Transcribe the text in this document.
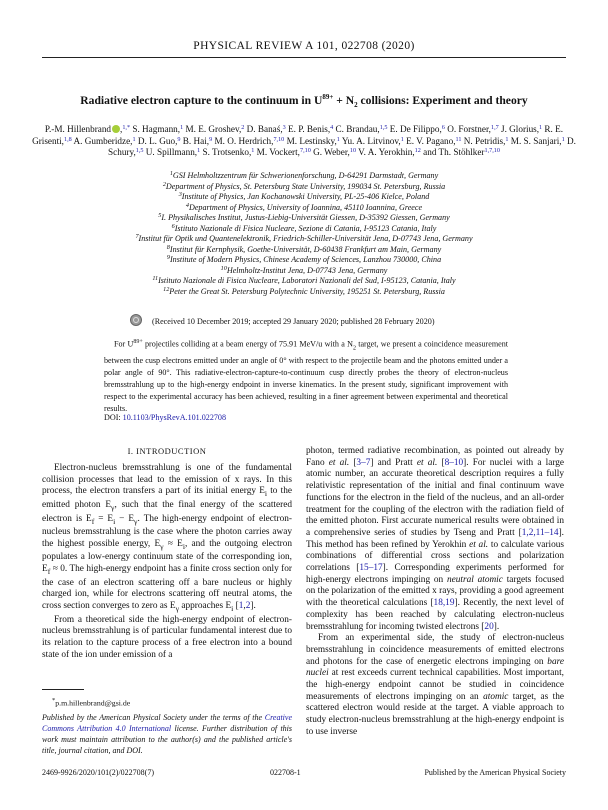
PHYSICAL REVIEW A 101, 022708 (2020)
Radiative electron capture to the continuum in $U^{89+} + N_2$ collisions: Experiment and theory
P.-M. Hillenbrand ,$^{1,*}$ S. Hagmann,$^1$ M. E. Groshev,$^2$ D. Banaś,$^3$ E. P. Benis,$^4$ C. Brandau,$^{1,5}$ E. De Filippo,$^6$ O. Forstner,$^{1,7}$ J. Glorius,$^1$ R. E. Grisenti,$^{1,8}$ A. Gumberidze,$^1$ D. L. Guo,$^9$ B. Hai,$^9$ M. O. Herdrich,$^{7,10}$ M. Lestinsky,$^1$ Yu. A. Litvinov,$^1$ E. V. Pagano,$^{11}$ N. Petridis,$^1$ M. S. Sanjari,$^1$ D. Schury,$^{1,5}$ U. Spillmann,$^1$ S. Trotsenko,$^1$ M. Vockert,$^{7,10}$ G. Weber,$^{10}$ V. A. Yerokhin,$^{12}$ and Th. Stöhlker$^{1,7,10}$
$^1$GSI Helmholtzzentrum für Schwerionenforschung, D-64291 Darmstadt, Germany
$^2$Department of Physics, St. Petersburg State University, 199034 St. Petersburg, Russia
$^3$Institute of Physics, Jan Kochanowski University, PL-25-406 Kielce, Poland
$^4$Department of Physics, University of Ioannina, 45110 Ioannina, Greece
$^5$I. Physikalisches Institut, Justus-Liebig-Universität Giessen, D-35392 Giessen, Germany
$^6$Istituto Nazionale di Fisica Nucleare, Sezione di Catania, I-95123 Catania, Italy
$^7$Institut für Optik und Quantenelektronik, Friedrich-Schiller-Universität Jena, D-07743 Jena, Germany
$^8$Institut für Kernphysik, Goethe-Universität, D-60438 Frankfurt am Main, Germany
$^9$Institute of Modern Physics, Chinese Academy of Sciences, Lanzhou 730000, China
$^{10}$Helmholtz-Institut Jena, D-07743 Jena, Germany
$^{11}$Istituto Nazionale di Fisica Nucleare, Laboratori Nazionali del Sud, I-95123, Catania, Italy
$^{12}$Peter the Great St. Petersburg Polytechnic University, 195251 St. Petersburg, Russia
(Received 10 December 2019; accepted 29 January 2020; published 28 February 2020)

For $U^{89+}$ projectiles colliding at a beam energy of 75.91 MeV/u with a $N_2$ target, we present a coincidence measurement between the cusp electrons emitted under an angle of 0° with respect to the projectile beam and the photons emitted under a polar angle of 90°. This radiative-electron-capture-to-continuum cusp directly probes the theory of electron-nucleus bremsstrahlung up to the high-energy endpoint in inverse kinematics. In the present study, significant improvement with respect to the experimental accuracy has been achieved, resulting in a finer agreement between experimental and theoretical results.

DOI: 10.1103/PhysRevA.101.022708
I. INTRODUCTION

Electron-nucleus bremsstrahlung is one of the fundamental collision processes that lead to the emission of x rays. In this process, the electron transfers a part of its initial energy $E_i$ to the emitted photon $E_\gamma$, such that the final energy of the scattered electron is $E_f = E_i - E_\gamma$. The high-energy endpoint of electron-nucleus bremsstrahlung is the case where the photon carries away the highest possible energy, $E_\gamma \approx E_i$, and the outgoing electron populates a low-energy continuum state of the corresponding ion, $E_f \approx 0$. The high-energy endpoint has a finite cross section only for the case of an electron scattering off a bare nucleus or highly charged ion, while for electrons scattering off neutral atoms, the cross section converges to zero as $E_\gamma$ approaches $E_i$ [1,2].

From a theoretical side the high-energy endpoint of electron-nucleus bremsstrahlung is of particular fundamental interest due to its relation to the capture process of a free electron into a bound state of the ion under emission of a

photon, termed radiative recombination, as pointed out already by Fano et al. [3–7] and Pratt et al. [8–10]. For nuclei with a large atomic number, an accurate theoretical description requires a fully relativistic representation of the initial and final continuum wave functions for the electron in the field of the nucleus, and an all-order treatment for the coupling of the electron with the radiation field of the emitted photon. First accurate numerical results were obtained in a comprehensive series of studies by Tseng and Pratt [1,2,11–14]. This method has been refined by Yerokhin et al. to calculate various combinations of differential cross sections and polarization correlations [15–17]. Corresponding experiments performed for high-energy electrons impinging on neutral atomic targets focused on the polarization of the emitted x rays, providing a good agreement with the theoretical calculations [18,19]. Recently, the next level of complexity has been reached by calculating electron-nucleus bremsstrahlung for incoming twisted electrons [20].

From an experimental side, the study of electron-nucleus bremsstrahlung in coincidence measurements of emitted electrons and photons for the case of energetic electrons impinging on bare nuclei at rest exceeds current technical capabilities. Most important, the high-energy endpoint cannot be studied in coincidence measurements of electrons impinging on an atomic target, as the scattered electron would reside at the target. A viable approach to study electron-nucleus bremsstrahlung at the high-energy endpoint is to use inverse

*p.m.hillenbrand@gsi.de
Published by the American Physical Society under the terms of the Creative Commons Attribution 4.0 International license. Further distribution of this work must maintain attribution to the author(s) and the published article's title, journal citation, and DOI.
2469-9926/2020/101(2)/022708(7)	022708-1	Published by the American Physical Society
